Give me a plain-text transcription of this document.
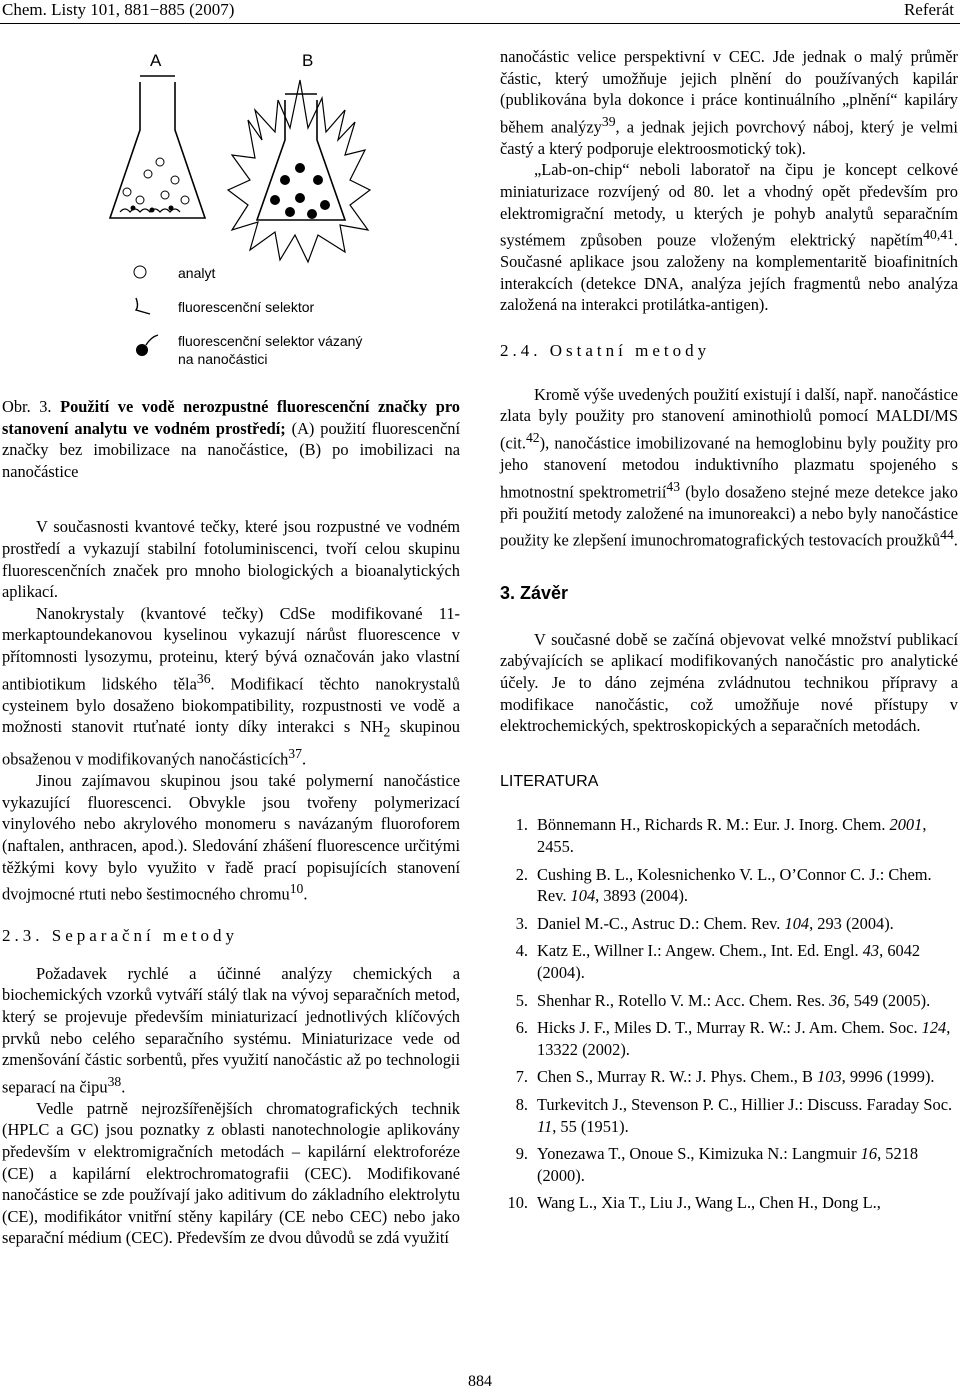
Chem. Listy 101, 881−885 (2007)	Referát
A	B
analyt
fluorescenční selektor
fluorescenční selektor vázaný
na nanočástici

Obr. 3. Použití ve vodě nerozpustné fluorescenční značky pro stanovení analytu ve vodném prostředí; (A) použití fluorescenční značky bez imobilizace na nanočástice, (B) po imobilizaci na nanočástice

V současnosti kvantové tečky, které jsou rozpustné ve vodném prostředí a vykazují stabilní fotoluminiscenci, tvoří celou skupinu fluorescenčních značek pro mnoho biologických a bioanalytických aplikací.

Nanokrystaly (kvantové tečky) CdSe modifikované 11-merkaptoundekanovou kyselinou vykazují nárůst fluorescence v přítomnosti lysozymu, proteinu, který bývá označován jako vlastní antibiotikum lidského těla$^{36}$. Modifikací těchto nanokrystalů cysteinem bylo dosaženo biokompatibility, rozpustnosti ve vodě a možnosti stanovit rtuťnaté ionty díky interakci s $NH_2$ skupinou obsaženou v modifikovaných nanočásticích$^{37}$.

Jinou zajímavou skupinou jsou také polymerní nanočástice vykazující fluorescenci. Obvykle jsou tvořeny polymerizací vinylového nebo akrylového monomeru s navázaným fluoroforem (naftalen, anthracen, apod.). Sledování zhášení fluorescence určitými těžkými kovy bylo využito v řadě prací popisujících stanovení dvojmocné rtuti nebo šestimocného chromu$^{10}$.

2.3. Separační metody

Požadavek rychlé a účinné analýzy chemických a biochemických vzorků vytváří stálý tlak na vývoj separačních metod, který se projevuje především miniaturizací jednotlivých klíčových prvků nebo celého separačního systému. Miniaturizace vede od zmenšování částic sorbentů, přes využití nanočástic až po technologii separací na čipu$^{38}$.

Vedle patrně nejrozšířenějších chromatografických technik (HPLC a GC) jsou poznatky z oblasti nanotechnologie aplikovány především v elektromigračních metodách – kapilární elektroforéze (CE) a kapilární elektrochromatografii (CEC). Modifikované nanočástice se zde používají jako aditivum do základního elektrolytu (CE), modifikátor vnitřní stěny kapiláry (CE nebo CEC) nebo jako separační médium (CEC). Především ze dvou důvodů se zdá využití

nanočástic velice perspektivní v CEC. Jde jednak o malý průměr částic, který umožňuje jejich plnění do používaných kapilár (publikována byla dokonce i práce kontinuálního „plnění“ kapiláry během analýzy$^{39}$, a jednak jejich povrchový náboj, který je velmi častý a který podporuje elektroosmotický tok).

„Lab-on-chip“ neboli laboratoř na čipu je koncept celkové miniaturizace rozvíjený od 80. let a vhodný opět především pro elektromigrační metody, u kterých je pohyb analytů separačním systémem způsoben pouze vloženým elektrický napětím$^{40,41}$. Současné aplikace jsou založeny na komplementaritě bioafinitních interakcích (detekce DNA, analýza jejích fragmentů nebo analýza založená na interakci protilátka-antigen).

2.4. Ostatní metody

Kromě výše uvedených použití existují i další, např. nanočástice zlata byly použity pro stanovení aminothiolů pomocí MALDI/MS (cit.$^{42}$), nanočástice imobilizované na hemoglobinu byly použity pro jeho stanovení metodou induktivního plazmatu spojeného s hmotnostní spektrometrií$^{43}$ (bylo dosaženo stejné meze detekce jako při použití metody založené na imunoreakci) a nebo byly nanočástice použity ke zlepšení imunochromatografických testovacích proužků$^{44}$.

3. Závěr

V současné době se začíná objevovat velké množství publikací zabývajících se aplikací modifikovaných nanočástic pro analytické účely. Je to dáno zejména zvládnutou technikou přípravy a modifikace nanočástic, což umožňuje nové přístupy v elektrochemických, spektroskopických a separačních metodách.

LITERATURA

1. Bönnemann H., Richards R. M.: Eur. J. Inorg. Chem. 2001, 2455.
2. Cushing B. L., Kolesnichenko V. L., O’Connor C. J.: Chem. Rev. 104, 3893 (2004).
3. Daniel M.-C., Astruc D.: Chem. Rev. 104, 293 (2004).
4. Katz E., Willner I.: Angew. Chem., Int. Ed. Engl. 43, 6042 (2004).
5. Shenhar R., Rotello V. M.: Acc. Chem. Res. 36, 549 (2005).
6. Hicks J. F., Miles D. T., Murray R. W.: J. Am. Chem. Soc. 124, 13322 (2002).
7. Chen S., Murray R. W.: J. Phys. Chem., B 103, 9996 (1999).
8. Turkevitch J., Stevenson P. C., Hillier J.: Discuss. Faraday Soc. 11, 55 (1951).
9. Yonezawa T., Onoue S., Kimizuka N.: Langmuir 16, 5218 (2000).
10. Wang L., Xia T., Liu J., Wang L., Chen H., Dong L.,
884
